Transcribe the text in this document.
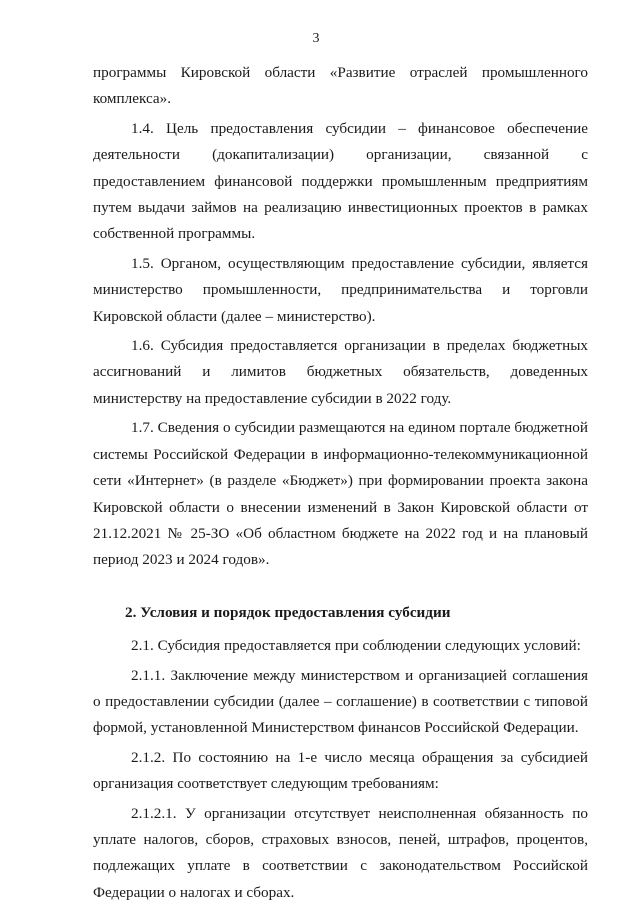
3

программы Кировской области «Развитие отраслей промышленного комплекса».

1.4. Цель предоставления субсидии – финансовое обеспечение деятельности (докапитализации) организации, связанной с предоставлением финансовой поддержки промышленным предприятиям путем выдачи займов на реализацию инвестиционных проектов в рамках собственной программы.

1.5. Органом, осуществляющим предоставление субсидии, является министерство промышленности, предпринимательства и торговли Кировской области (далее – министерство).

1.6. Субсидия предоставляется организации в пределах бюджетных ассигнований и лимитов бюджетных обязательств, доведенных министерству на предоставление субсидии в 2022 году.

1.7. Сведения о субсидии размещаются на едином портале бюджетной системы Российской Федерации в информационно-телекоммуникационной сети «Интернет» (в разделе «Бюджет») при формировании проекта закона Кировской области о внесении изменений в Закон Кировской области от 21.12.2021 № 25-ЗО «Об областном бюджете на 2022 год и на плановый период 2023 и 2024 годов».

2. Условия и порядок предоставления субсидии

2.1. Субсидия предоставляется при соблюдении следующих условий:

2.1.1. Заключение между министерством и организацией соглашения о предоставлении субсидии (далее – соглашение) в соответствии с типовой формой, установленной Министерством финансов Российской Федерации.

2.1.2. По состоянию на 1-е число месяца обращения за субсидией организация соответствует следующим требованиям:

2.1.2.1. У организации отсутствует неисполненная обязанность по уплате налогов, сборов, страховых взносов, пеней, штрафов, процентов, подлежащих уплате в соответствии с законодательством Российской Федерации о налогах и сборах.
